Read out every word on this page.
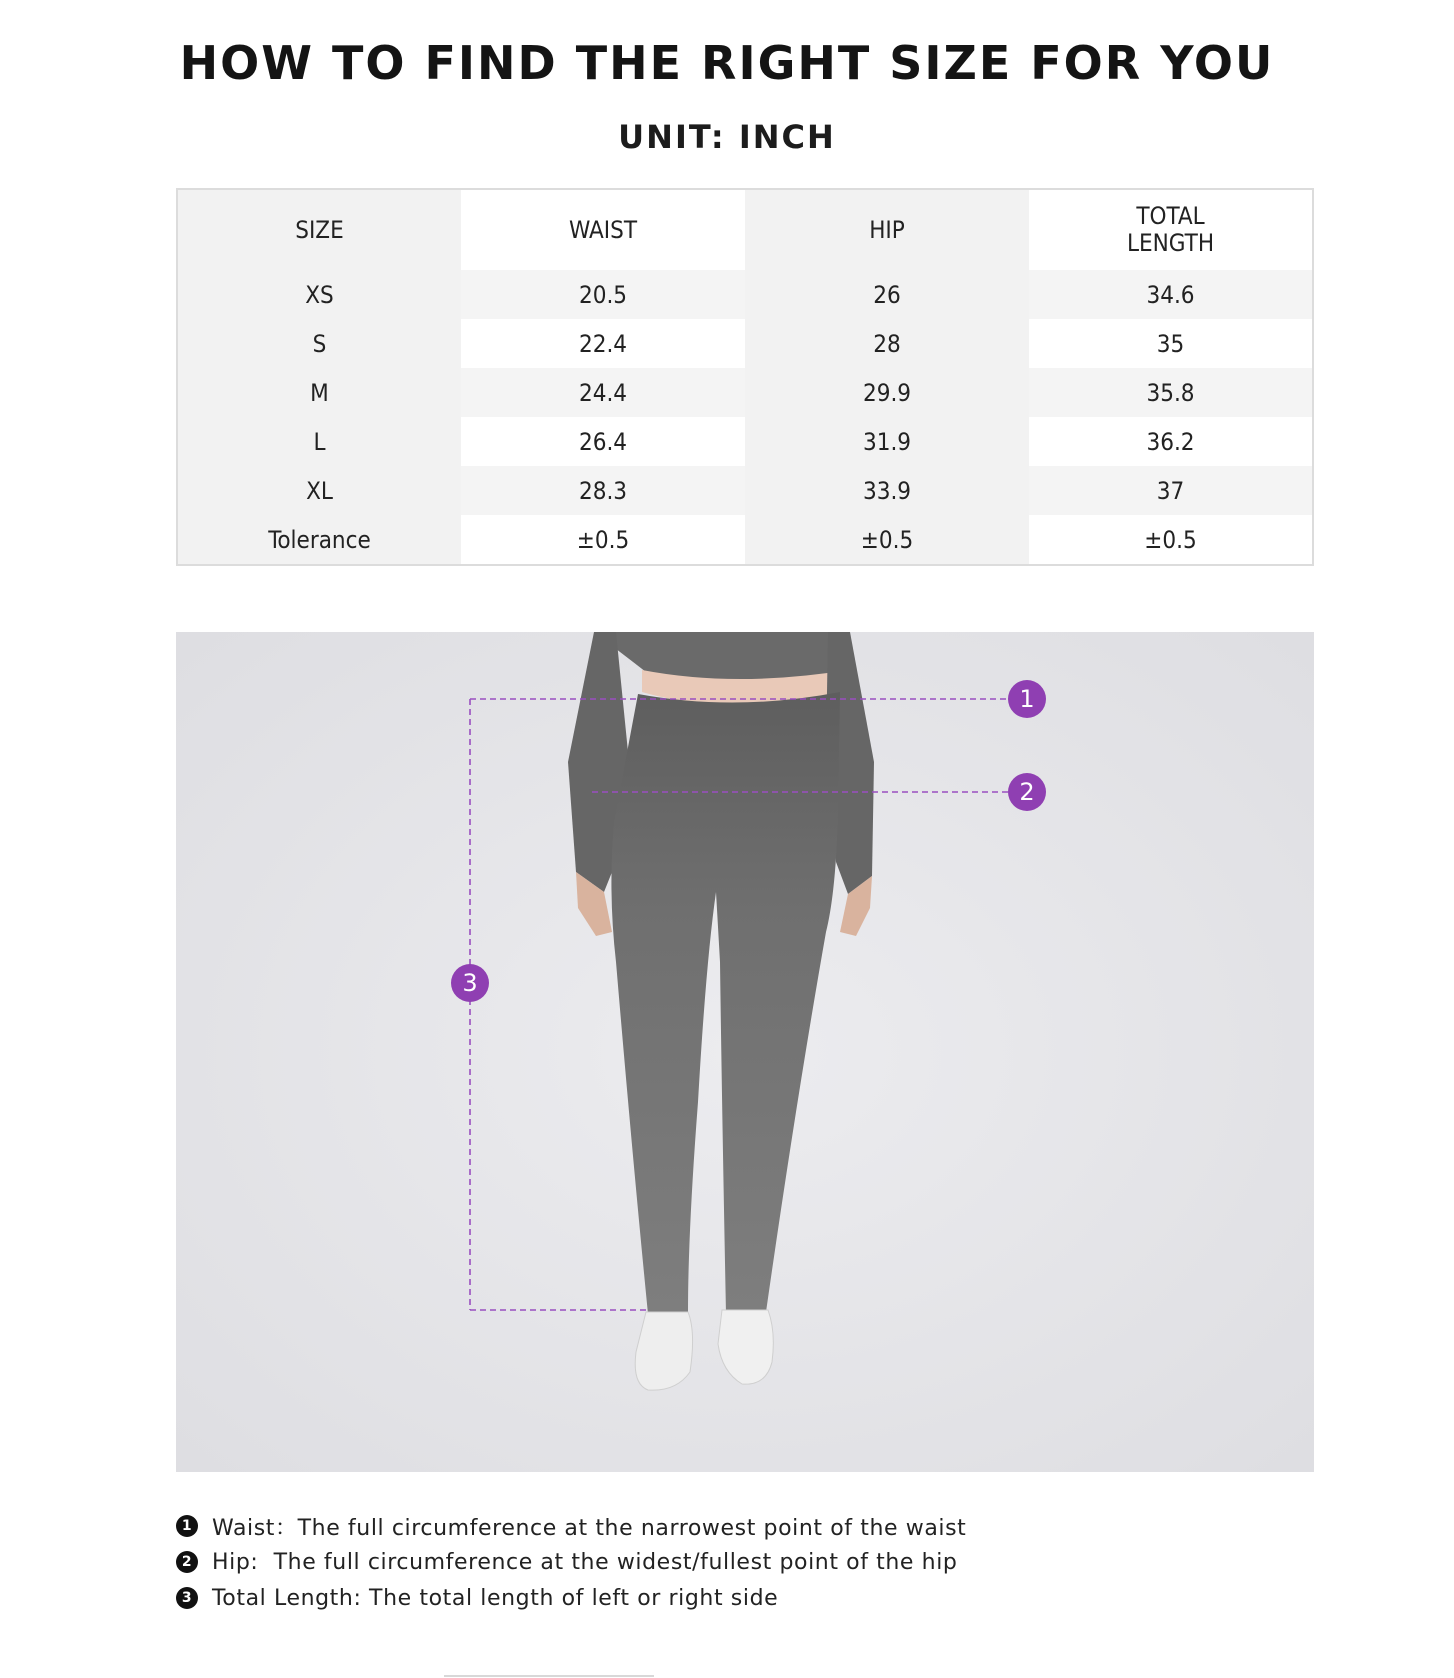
HOW TO FIND THE RIGHT SIZE FOR YOU
UNIT: INCH
SIZE	WAIST	HIP	TOTAL
LENGTH
XS	20.5	26	34.6
S	22.4	28	35
M	24.4	29.9	35.8
L	26.4	31.9	36.2
XL	28.3	33.9	37
Tolerance	±0.5	±0.5	±0.5
1
2
3
1 Waist：The full circumference at the narrowest point of the waist
2 Hip:  The full circumference at the widest/fullest point of the hip
3 Total Length: The total length of left or right side
